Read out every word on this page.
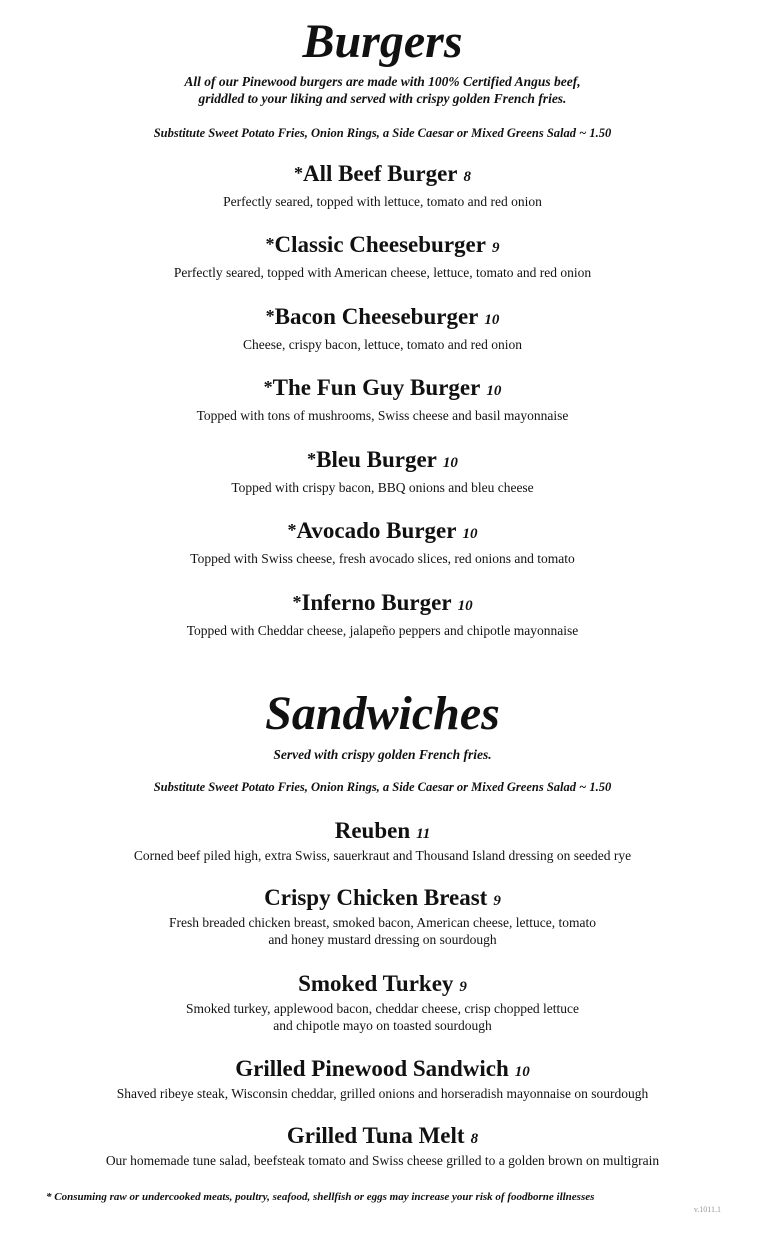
Burgers
All of our Pinewood burgers are made with 100% Certified Angus beef,
griddled to your liking and served with crispy golden French fries.
Substitute Sweet Potato Fries, Onion Rings, a Side Caesar or Mixed Greens Salad ~ 1.50
*All Beef Burger 8
Perfectly seared, topped with lettuce, tomato and red onion
*Classic Cheeseburger 9
Perfectly seared, topped with American cheese, lettuce, tomato and red onion
*Bacon Cheeseburger 10
Cheese, crispy bacon, lettuce, tomato and red onion
*The Fun Guy Burger 10
Topped with tons of mushrooms, Swiss cheese and basil mayonnaise
*Bleu Burger 10
Topped with crispy bacon, BBQ onions and bleu cheese
*Avocado Burger 10
Topped with Swiss cheese, fresh avocado slices, red onions and tomato
*Inferno Burger 10
Topped with Cheddar cheese, jalapeño peppers and chipotle mayonnaise
Sandwiches
Served with crispy golden French fries.
Substitute Sweet Potato Fries, Onion Rings, a Side Caesar or Mixed Greens Salad ~ 1.50
Reuben 11
Corned beef piled high, extra Swiss, sauerkraut and Thousand Island dressing on seeded rye
Crispy Chicken Breast 9
Fresh breaded chicken breast, smoked bacon, American cheese, lettuce, tomato
and honey mustard dressing on sourdough
Smoked Turkey 9
Smoked turkey, applewood bacon, cheddar cheese, crisp chopped lettuce
and chipotle mayo on toasted sourdough
Grilled Pinewood Sandwich 10
Shaved ribeye steak, Wisconsin cheddar, grilled onions and horseradish mayonnaise on sourdough
Grilled Tuna Melt 8
Our homemade tune salad, beefsteak tomato and Swiss cheese grilled to a golden brown on multigrain
* Consuming raw or undercooked meats, poultry, seafood, shellfish or eggs may increase your risk of foodborne illnesses
v.1011.1
